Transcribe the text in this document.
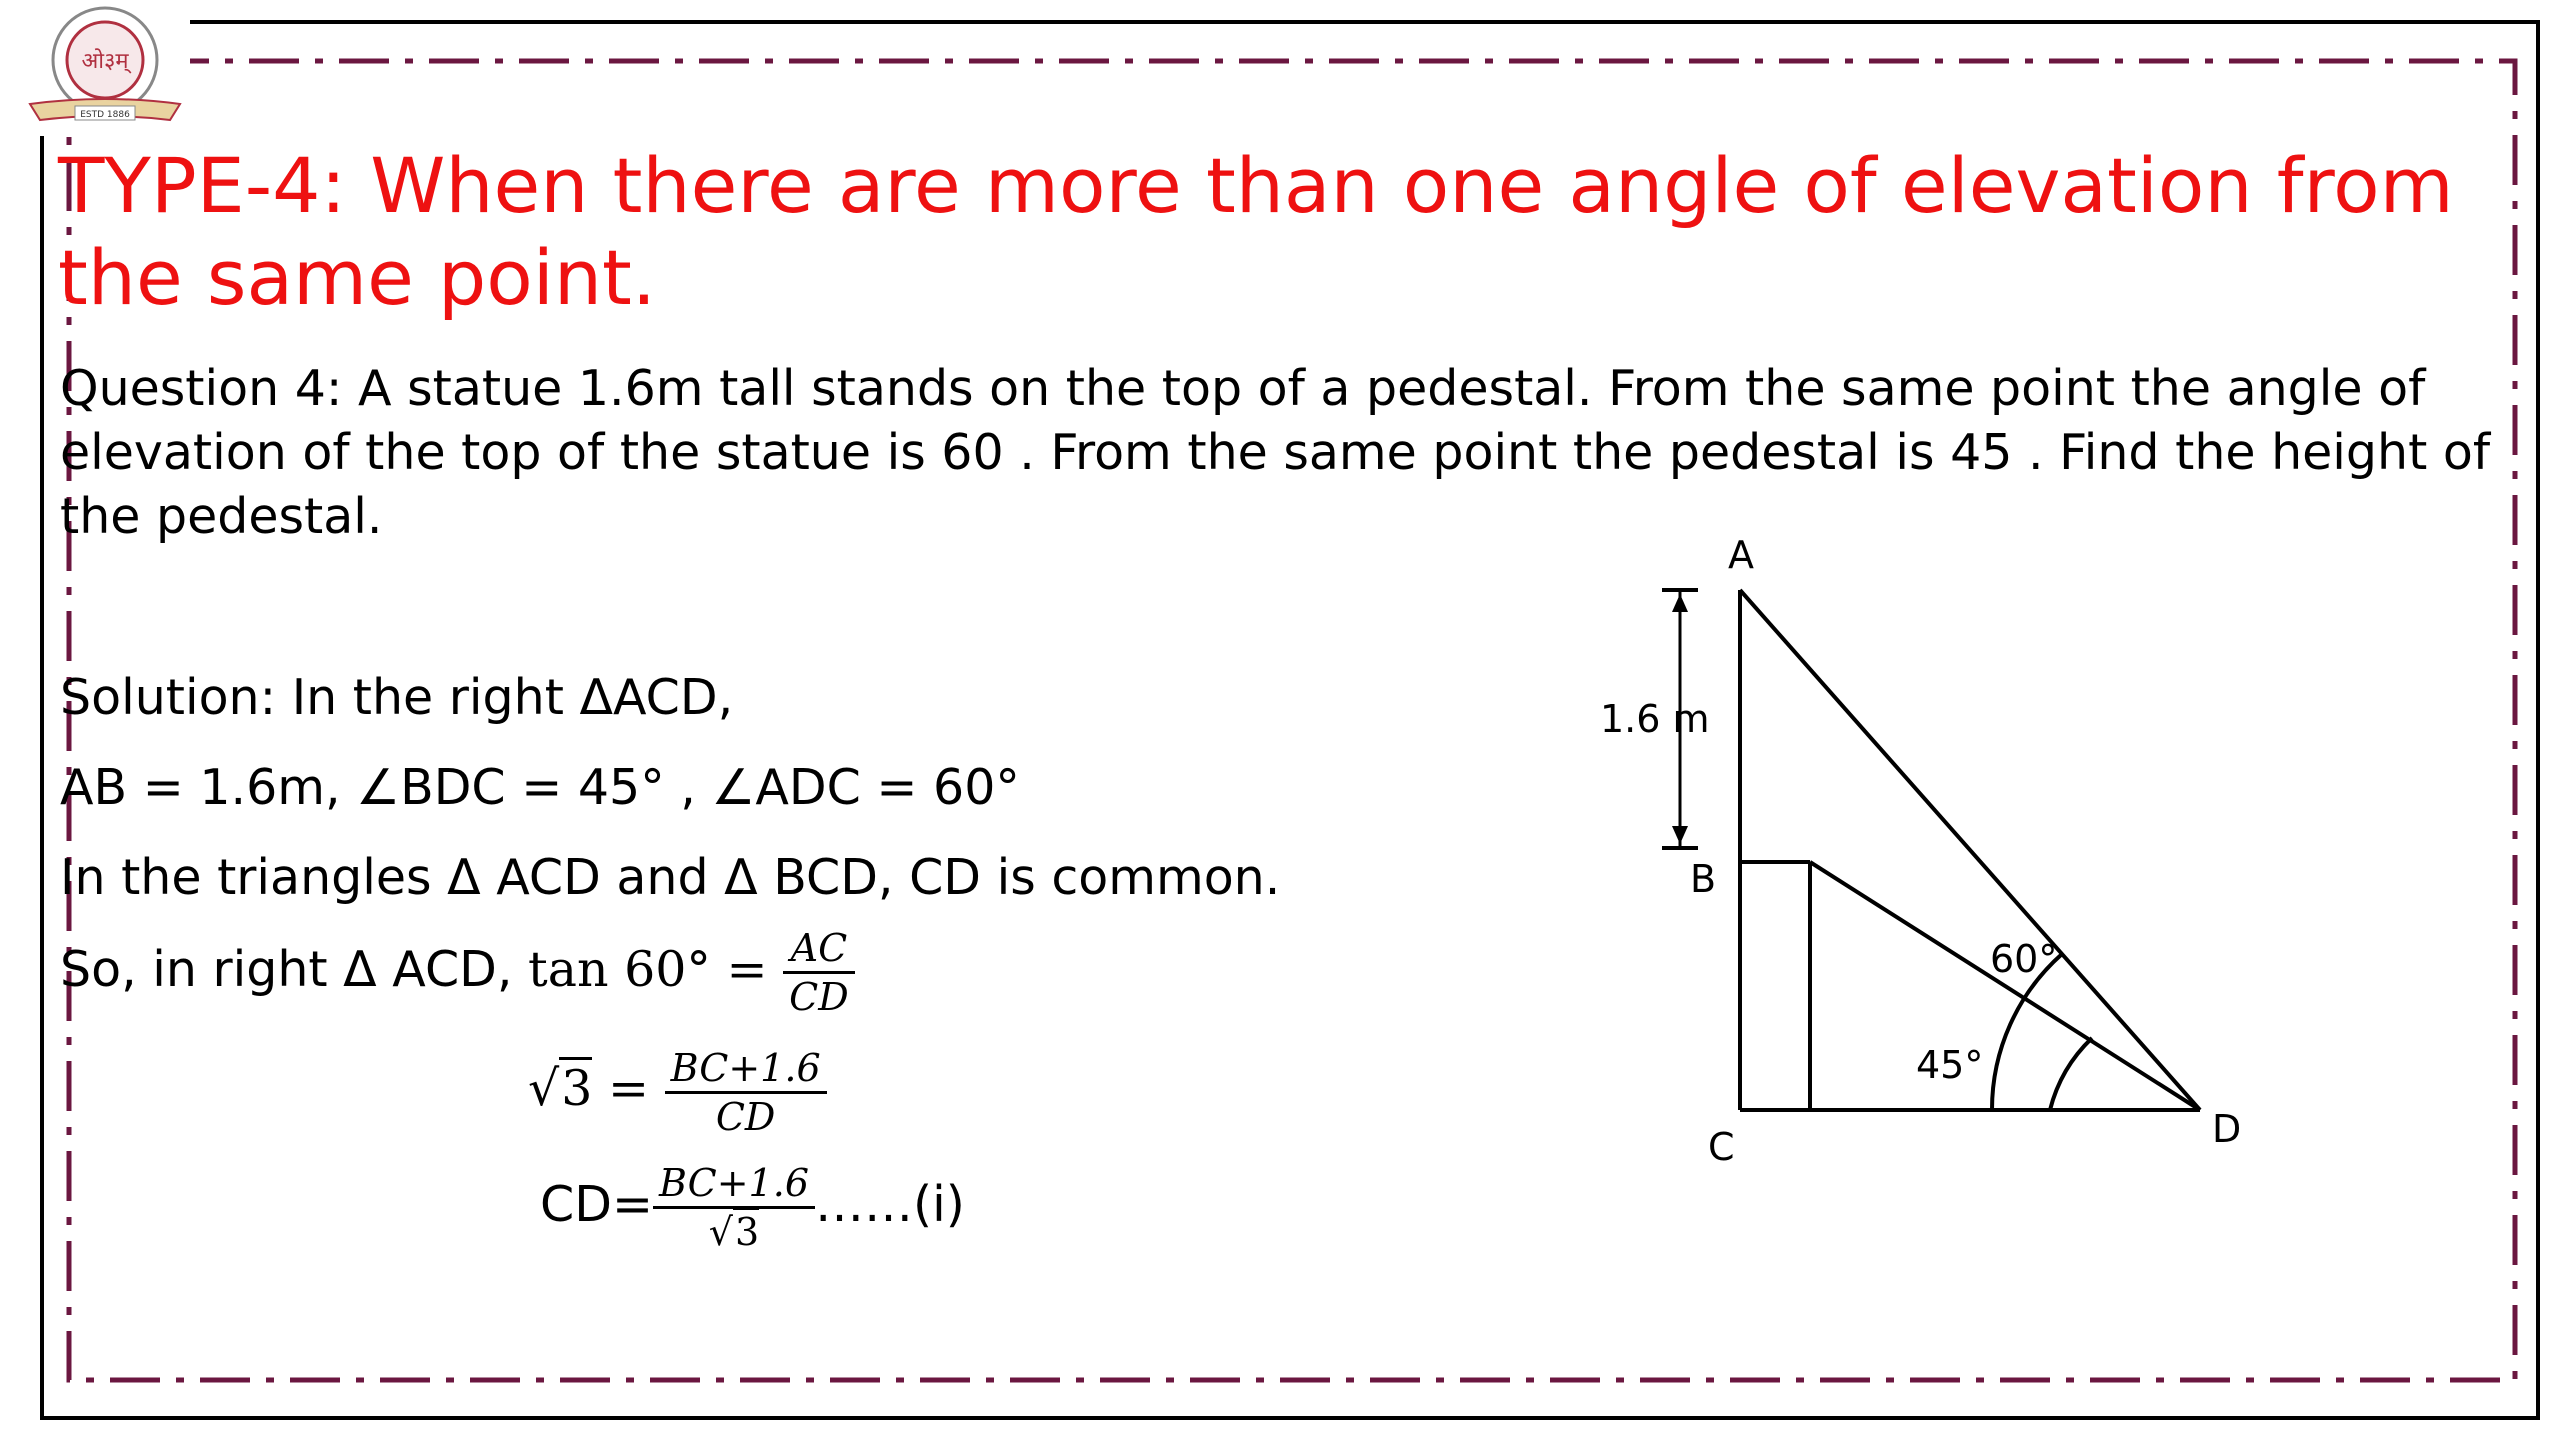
ओ३म्
ESTD 1886
TYPE-4: When there are more than one angle of elevation from the same point.

Question 4: A statue 1.6m tall stands on the top of a pedestal. From the same point the angle of elevation of the top of the statue is 60 . From the same point the pedestal is 45 . Find the height of the pedestal.

Solution: In the right ΔACD,

AB = 1.6m, ∠BDC = 45° , ∠ADC = 60°

In the triangles Δ ACD and Δ BCD, CD is common.

So, in right Δ ACD, $\tan 60^\circ = \frac{AC}{CD}$

$√3 = \frac{BC+1.6}{CD}$

$CD= \frac{BC+1.6}{√3}$ ……(i)

A
B
C	D
1.6 m
60°
45°
